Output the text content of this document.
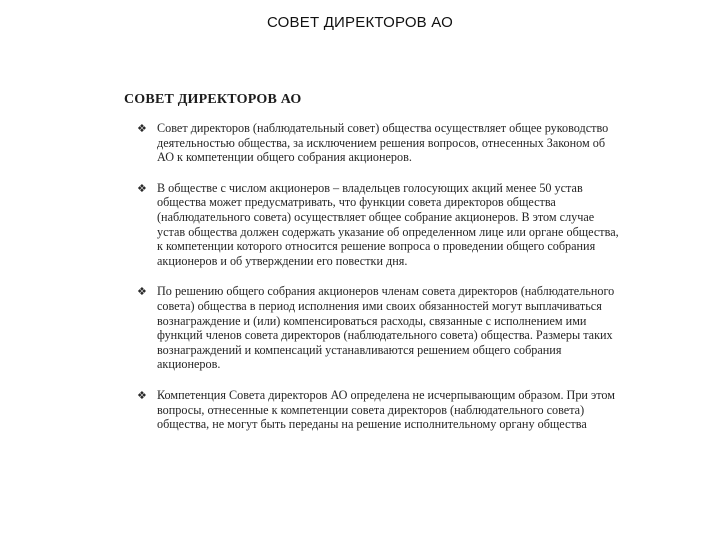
СОВЕТ ДИРЕКТОРОВ АО
СОВЕТ ДИРЕКТОРОВ АО
❖ Совет директоров (наблюдательный совет) общества осуществляет общее руководство деятельностью общества, за исключением решения вопросов, отнесенных Законом об АО к компетенции общего собрания акционеров.
❖ В обществе с числом акционеров – владельцев голосующих акций менее 50 устав общества может предусматривать, что функции совета директоров общества (наблюдательного совета) осуществляет общее собрание акционеров. В этом случае устав общества должен содержать указание об определенном лице или органе общества, к компетенции которого относится решение вопроса о проведении общего собрания акционеров и об утверждении его повестки дня.
❖ По решению общего собрания акционеров членам совета директоров (наблюдательного совета) общества в период исполнения ими своих обязанностей могут выплачиваться вознаграждение и (или) компенсироваться расходы, связанные с исполнением ими функций членов совета директоров (наблюдательного совета) общества. Размеры таких вознаграждений и компенсаций устанавливаются решением общего собрания акционеров.
❖ Компетенция Совета директоров АО определена не исчерпывающим образом. При этом вопросы, отнесенные к компетенции совета директоров (наблюдательного совета) общества, не могут быть переданы на решение исполнительному органу общества
